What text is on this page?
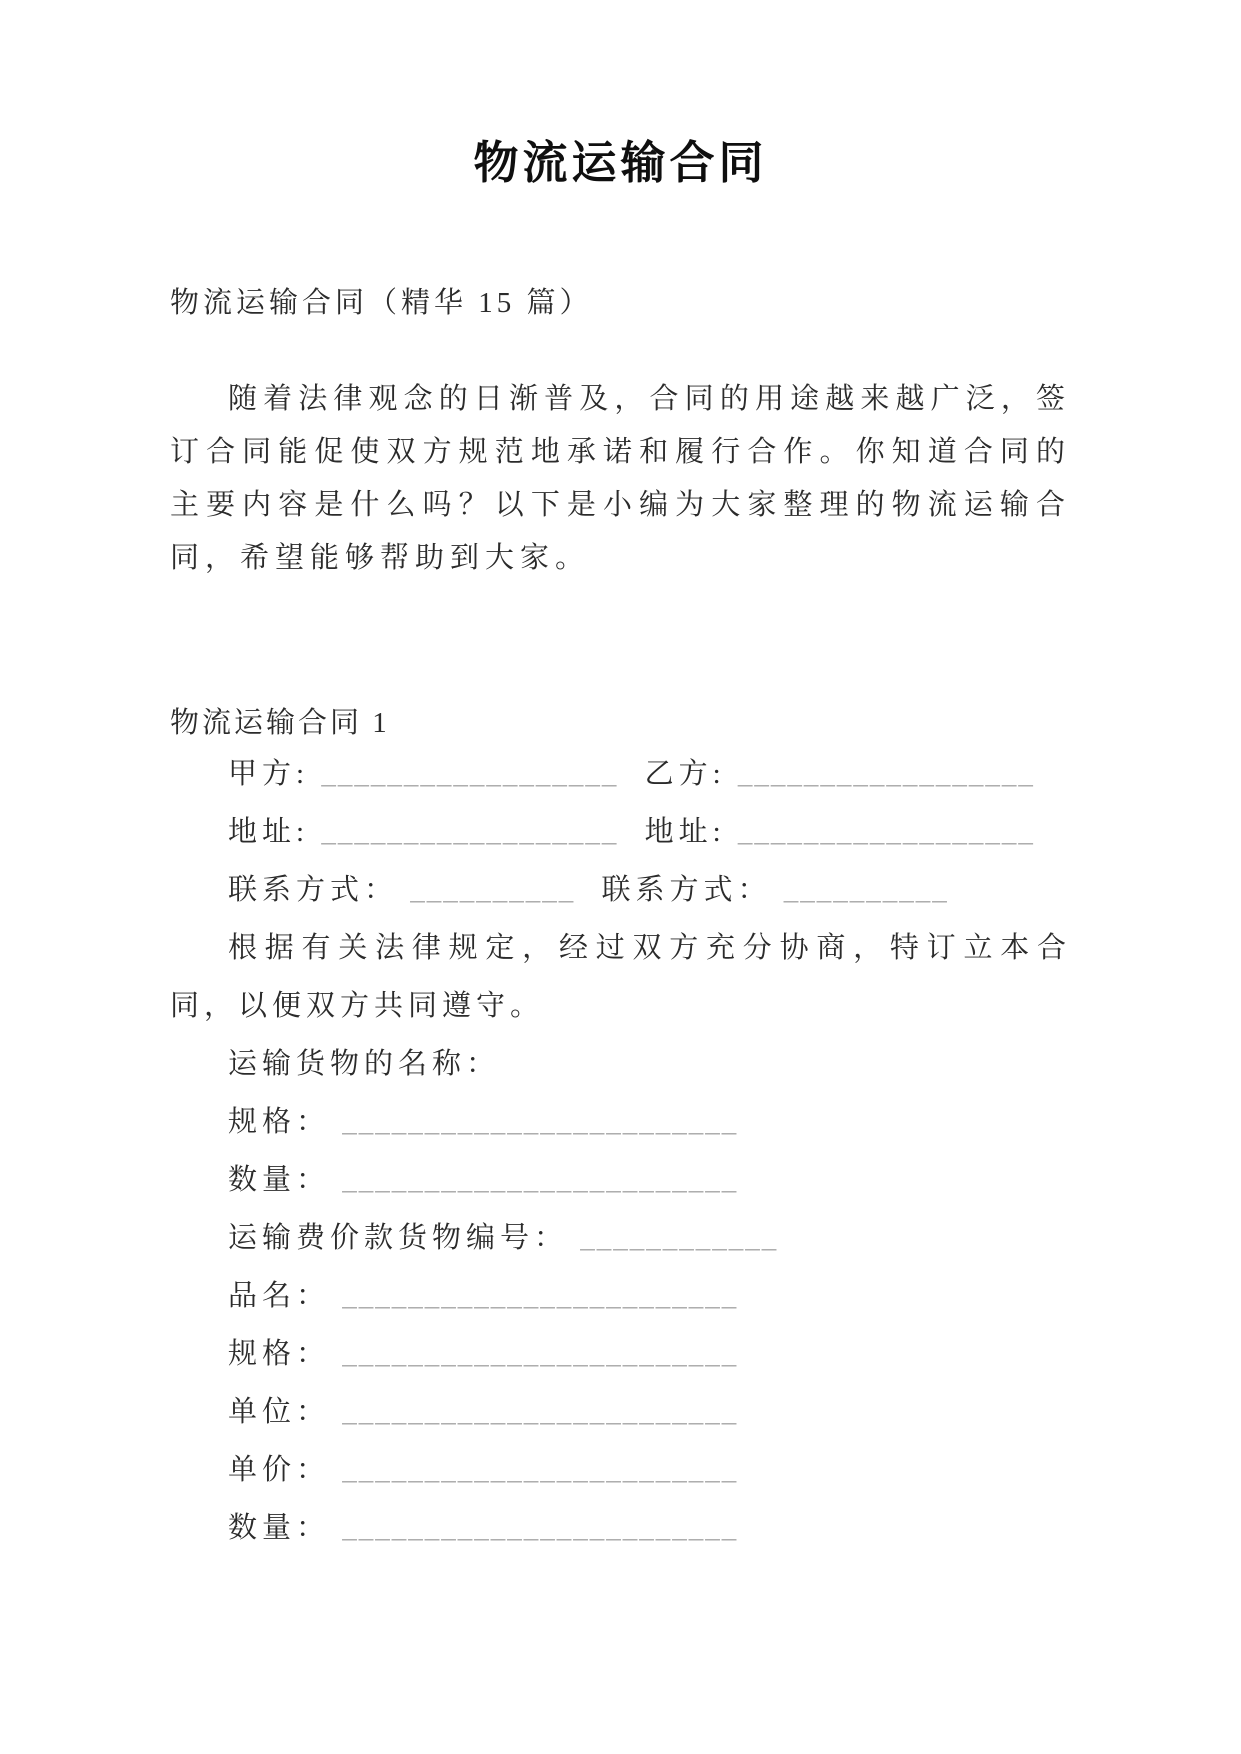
物流运输合同

物流运输合同（精华 15 篇）

随着法律观念的日渐普及，合同的用途越来越广泛，签订合同能促使双方规范地承诺和履行合作。你知道合同的主要内容是什么吗？以下是小编为大家整理的物流运输合同，希望能够帮助到大家。

物流运输合同 1
甲方: __________________ 乙方: __________________
地址: __________________ 地址: __________________
联系方式： __________ 联系方式： __________

根据有关法律规定，经过双方充分协商，特订立本合同，以便双方共同遵守。

运输货物的名称：
规格： ________________________
数量： ________________________
运输费价款货物编号： ____________
品名： ________________________
规格： ________________________
单位： ________________________
单价： ________________________
数量： ________________________
